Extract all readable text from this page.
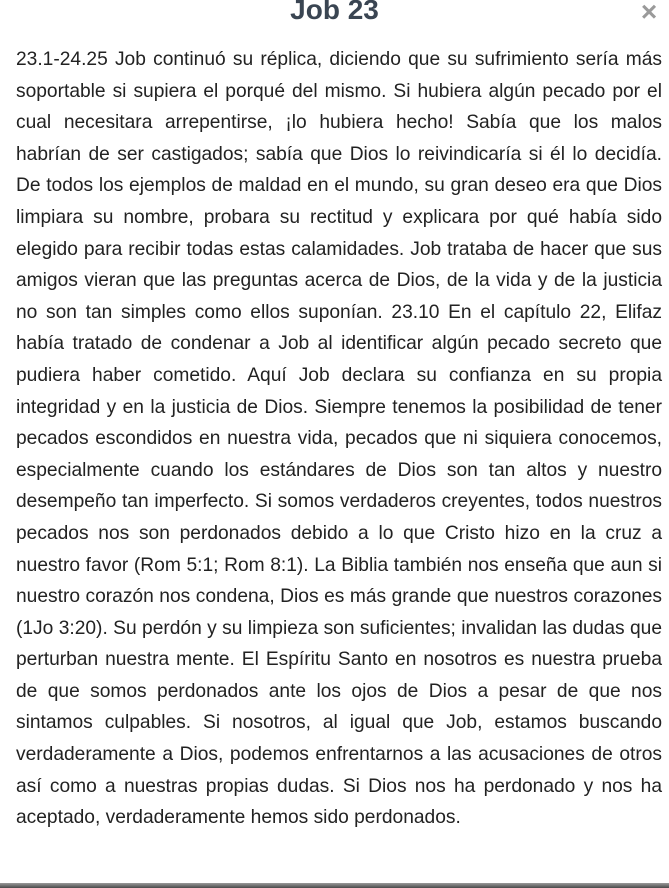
Job 23	×

23.1-24.25 Job continuó su réplica, diciendo que su sufrimiento sería más soportable si supiera el porqué del mismo. Si hubiera algún pecado por el cual necesitara arrepentirse, ¡lo hubiera hecho! Sabía que los malos habrían de ser castigados; sabía que Dios lo reivindicaría si él lo decidía. De todos los ejemplos de maldad en el mundo, su gran deseo era que Dios limpiara su nombre, probara su rectitud y explicara por qué había sido elegido para recibir todas estas calamidades. Job trataba de hacer que sus amigos vieran que las preguntas acerca de Dios, de la vida y de la justicia no son tan simples como ellos suponían. 23.10 En el capítulo 22, Elifaz había tratado de condenar a Job al identificar algún pecado secreto que pudiera haber cometido. Aquí Job declara su confianza en su propia integridad y en la justicia de Dios. Siempre tenemos la posibilidad de tener pecados escondidos en nuestra vida, pecados que ni siquiera conocemos, especialmente cuando los estándares de Dios son tan altos y nuestro desempeño tan imperfecto. Si somos verdaderos creyentes, todos nuestros pecados nos son perdonados debido a lo que Cristo hizo en la cruz a nuestro favor (Rom 5:1; Rom 8:1). La Biblia también nos enseña que aun si nuestro corazón nos condena, Dios es más grande que nuestros corazones (1Jo 3:20). Su perdón y su limpieza son suficientes; invalidan las dudas que perturban nuestra mente. El Espíritu Santo en nosotros es nuestra prueba de que somos perdonados ante los ojos de Dios a pesar de que nos sintamos culpables. Si nosotros, al igual que Job, estamos buscando verdaderamente a Dios, podemos enfrentarnos a las acusaciones de otros así como a nuestras propias dudas. Si Dios nos ha perdonado y nos ha aceptado, verdaderamente hemos sido perdonados.
